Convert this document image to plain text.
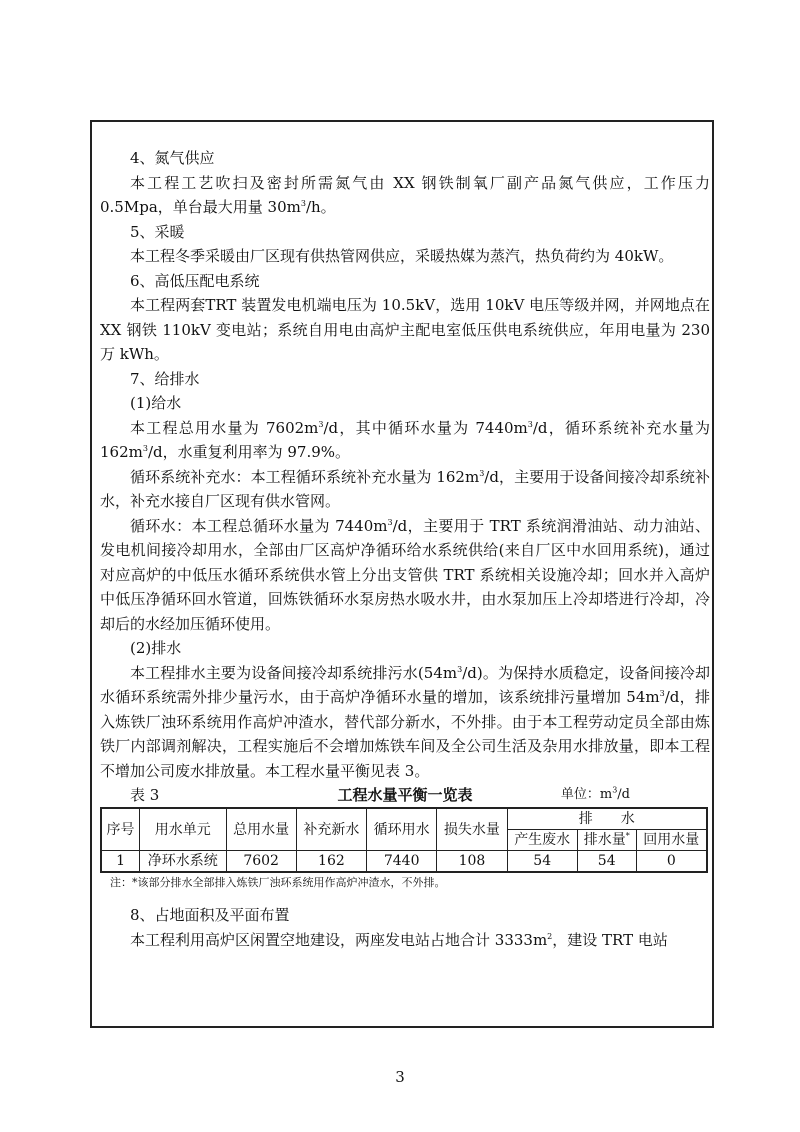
4、氮气供应

本工程工艺吹扫及密封所需氮气由 XX 钢铁制氧厂副产品氮气供应，工作压力 0.5Mpa，单台最大用量 $30m^3/h$。

5、采暖

本工程冬季采暖由厂区现有供热管网供应，采暖热媒为蒸汽，热负荷约为 40kW。

6、高低压配电系统

本工程两套TRT 装置发电机端电压为 10.5kV，选用 10kV 电压等级并网，并网地点在 XX 钢铁 110kV 变电站；系统自用电由高炉主配电室低压供电系统供应，年用电量为 230 万 kWh。

7、给排水

(1)给水

本工程总用水量为 $7602m^3/d$，其中循环水量为 $7440m^3/d$，循环系统补充水量为 $162m^3/d$，水重复利用率为 97.9%。

循环系统补充水：本工程循环系统补充水量为 $162m^3/d$，主要用于设备间接冷却系统补水，补充水接自厂区现有供水管网。

循环水：本工程总循环水量为 $7440m^3/d$，主要用于 TRT 系统润滑油站、动力油站、发电机间接冷却用水，全部由厂区高炉净循环给水系统供给(来自厂区中水回用系统)，通过对应高炉的中低压水循环系统供水管上分出支管供 TRT 系统相关设施冷却；回水并入高炉中低压净循环回水管道，回炼铁循环水泵房热水吸水井，由水泵加压上冷却塔进行冷却，冷却后的水经加压循环使用。

(2)排水

本工程排水主要为设备间接冷却系统排污水$(54m^3/d)$。为保持水质稳定，设备间接冷却水循环系统需外排少量污水，由于高炉净循环水量的增加，该系统排污量增加 $54m^3/d$，排入炼铁厂浊环系统用作高炉冲渣水，替代部分新水，不外排。由于本工程劳动定员全部由炼铁厂内部调剂解决，工程实施后不会增加炼铁车间及全公司生活及杂用水排放量，即本工程不增加公司废水排放量。本工程水量平衡见表 3。

表 3	工程水量平衡一览表	单位：$m^3/d$
序号	用水单元	总用水量	补充新水	循环用水	损失水量	排　　水		
						产生废水	排水量*	回用水量
1	净环水系统	7602	162	7440	108	54	54	0

注：*该部分排水全部排入炼铁厂浊环系统用作高炉冲渣水，不外排。

8、占地面积及平面布置

本工程利用高炉区闲置空地建设，两座发电站占地合计 $3333m^2$，建设 TRT 电站

3
